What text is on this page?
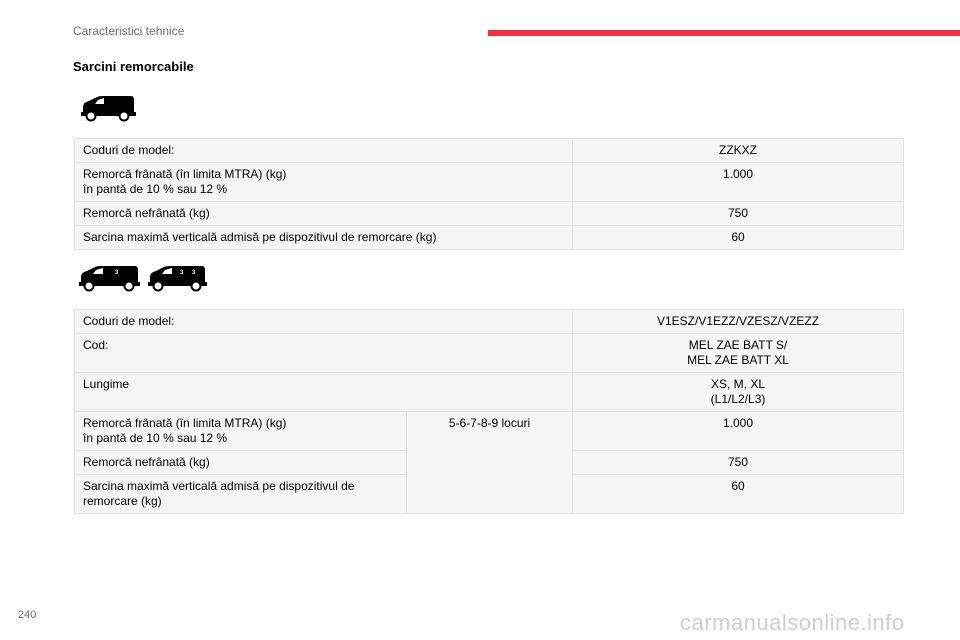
Caracteristici tehnice
Sarcini remorcabile
2
Coduri de model:	ZZKXZ

Remorcă frânată (în limita MTRA) (kg)
în pantă de 10 % sau 12 %	1.000

Remorcă nefrânată (kg)	750

Sarcina maximă verticală admisă pe dispozitivul de remorcare (kg)	60
2 3	2 3 3
Coduri de model:		V1ESZ/V1EZZ/VZESZ/VZEZZ

Cod:		MEL ZAE BATT S/
MEL ZAE BATT XL

Lungime		XS, M, XL
(L1/L2/L3)

Remorcă frânată (în limita MTRA) (kg)
în pantă de 10 % sau 12 %	5-6-7-8-9 locuri	1.000

Remorcă nefrânată (kg)		750

Sarcina maximă verticală admisă pe dispozitivul de
remorcare (kg)		60
240	carmanualsonline.info
